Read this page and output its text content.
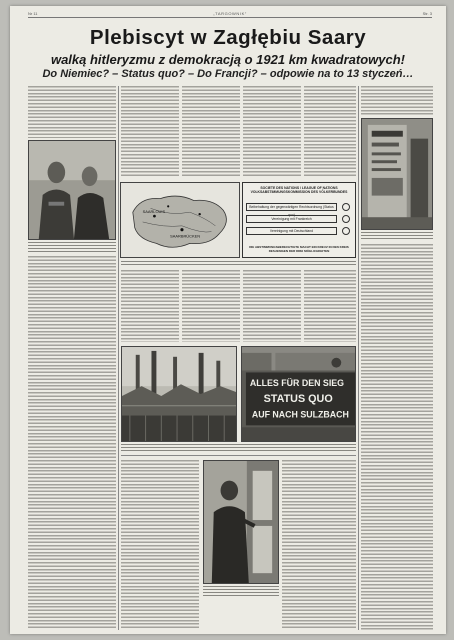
Nr 11	„TARGOWNIK”	Str. 3
Plebiscyt w Zagłębiu Saary
walką hitleryzmu z demokracją o 1921 km kwadratowych!
Do Niemiec? – Status quo? – Do Francji? – odpowie na to 13 styczeń…
SAARLOUIS
SAARBRÜCKEN
SOCIETE DES NATIONS / LEAGUE OF NATIONS VOLKSABSTIMMUNGSKOMMISSION DES VÖLKERBUNDES
Beibehaltung der gegenwärtigen Rechtsordnung (Status quo)
Vereinigung mit Frankreich
Vereinigung mit Deutschland
DIE ABSTIMMUNGSBERECHTIGTE MACHT EIN KREUZ IN DEN KREIS DESJENIGEN DER DREI MÖGLICHKEITEN
ALLES FÜR DEN SIEG
STATUS QUO
AUF NACH SULZBACH
